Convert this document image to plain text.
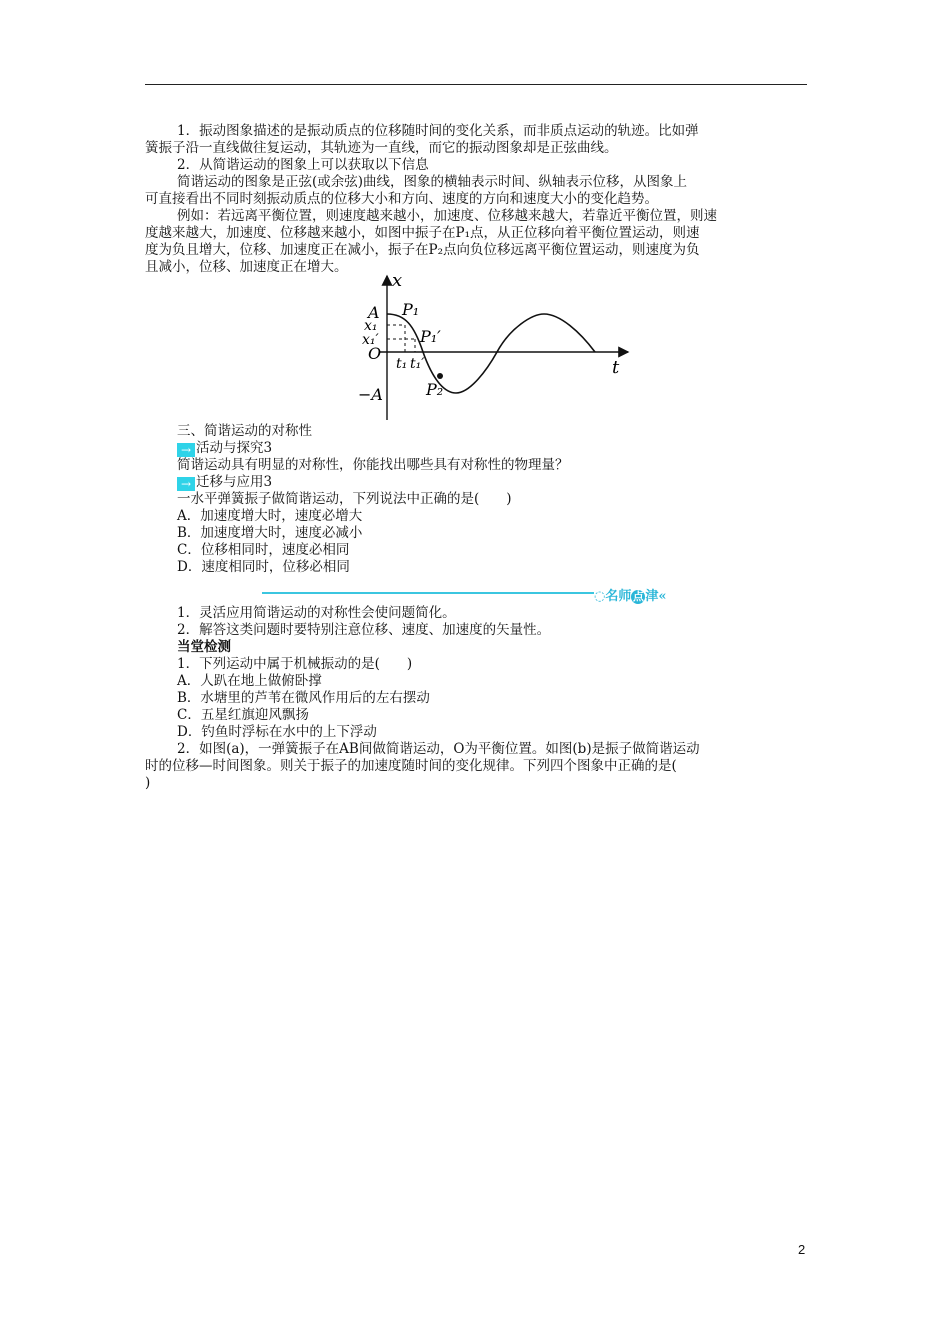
1．振动图象描述的是振动质点的位移随时间的变化关系，而非质点运动的轨迹。比如弹
簧振子沿一直线做往复运动，其轨迹为一直线，而它的振动图象却是正弦曲线。
2．从简谐运动的图象上可以获取以下信息
简谐运动的图象是正弦(或余弦)曲线，图象的横轴表示时间、纵轴表示位移，从图象上
可直接看出不同时刻振动质点的位移大小和方向、速度的方向和速度大小的变化趋势。
例如：若远离平衡位置，则速度越来越小，加速度、位移越来越大，若靠近平衡位置，则速
度越来越大，加速度、位移越来越小，如图中振子在P₁点，从正位移向着平衡位置运动，则速
度为负且增大，位移、加速度正在减小，振子在P₂点向负位移远离平衡位置运动，则速度为负
且减小，位移、加速度正在增大。
x
t
A
x₁
x₁′
O
−A
P₁
P₁′
P₂
t₁ t₁′
三、简谐运动的对称性
→ 活动与探究3
简谐运动具有明显的对称性，你能找出哪些具有对称性的物理量？
→ 迁移与应用3
一水平弹簧振子做简谐运动，下列说法中正确的是(　　)
A．加速度增大时，速度必增大
B．加速度增大时，速度必减小
C．位移相同时，速度必相同
D．速度相同时，位移必相同
◌名师 点 津«
1．灵活应用简谐运动的对称性会使问题简化。
2．解答这类问题时要特别注意位移、速度、加速度的矢量性。
当堂检测
1．下列运动中属于机械振动的是(　　)
A．人趴在地上做俯卧撑
B．水塘里的芦苇在微风作用后的左右摆动
C．五星红旗迎风飘扬
D．钓鱼时浮标在水中的上下浮动
2．如图(a)，一弹簧振子在AB间做简谐运动，O为平衡位置。如图(b)是振子做简谐运动
时的位移—时间图象。则关于振子的加速度随时间的变化规律。下列四个图象中正确的是(
)
2
